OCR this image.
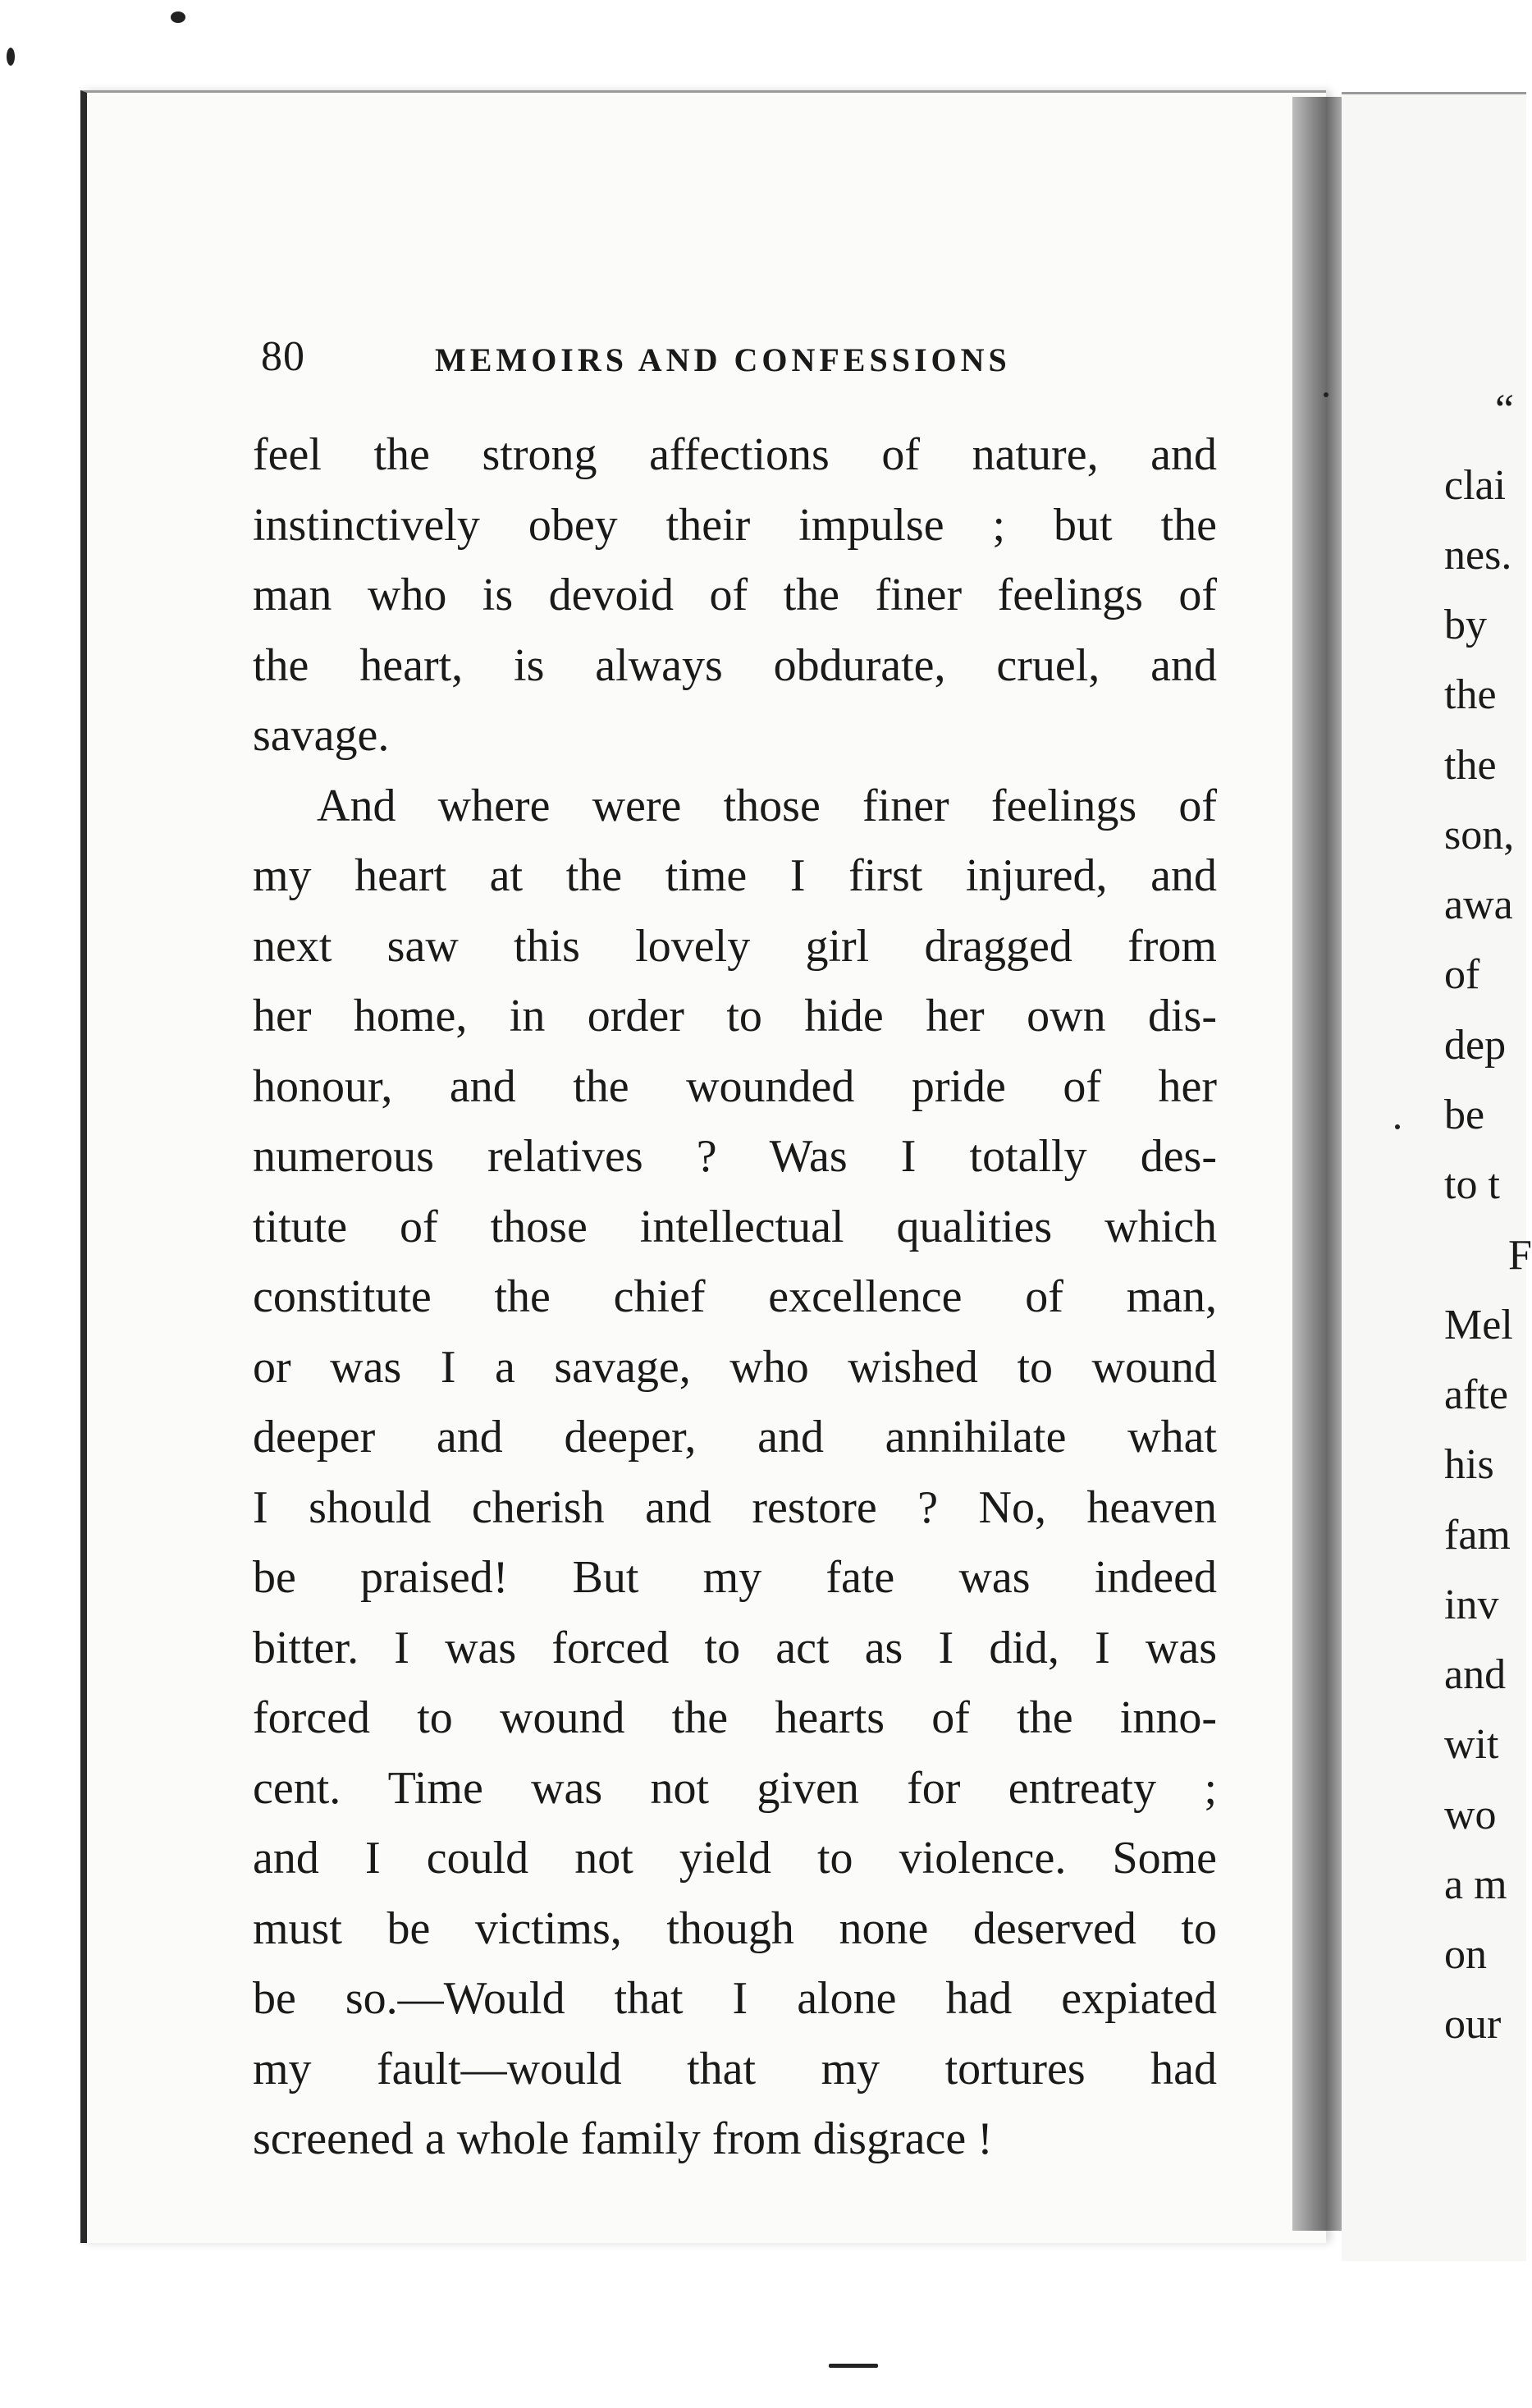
80	MEMOIRS AND CONFESSIONS
feel the strong affections of nature, and
instinctively obey their impulse ; but the
man who is devoid of the finer feelings of
the heart, is always obdurate, cruel, and
savage.
And where were those finer feelings of
my heart at the time I first injured, and
next saw this lovely girl dragged from
her home, in order to hide her own dis-
honour, and the wounded pride of her
numerous relatives ? Was I totally des-
titute of those intellectual qualities which
constitute the chief excellence of man,
or was I a savage, who wished to wound
deeper and deeper, and annihilate what
I should cherish and restore ? No, heaven
be praised! But my fate was indeed
bitter. I was forced to act as I did, I was
forced to wound the hearts of the inno-
cent. Time was not given for entreaty ;
and I could not yield to violence. Some
must be victims, though none deserved to
be so.—Would that I alone had expiated
my fault—would that my tortures had
screened a whole family from disgrace !
“
clai
nes.
by
the
the
son,
awa
of
dep
be
to t
F
Mel
afte
his
fam
inv
and
wit
wo
a m
on
our
